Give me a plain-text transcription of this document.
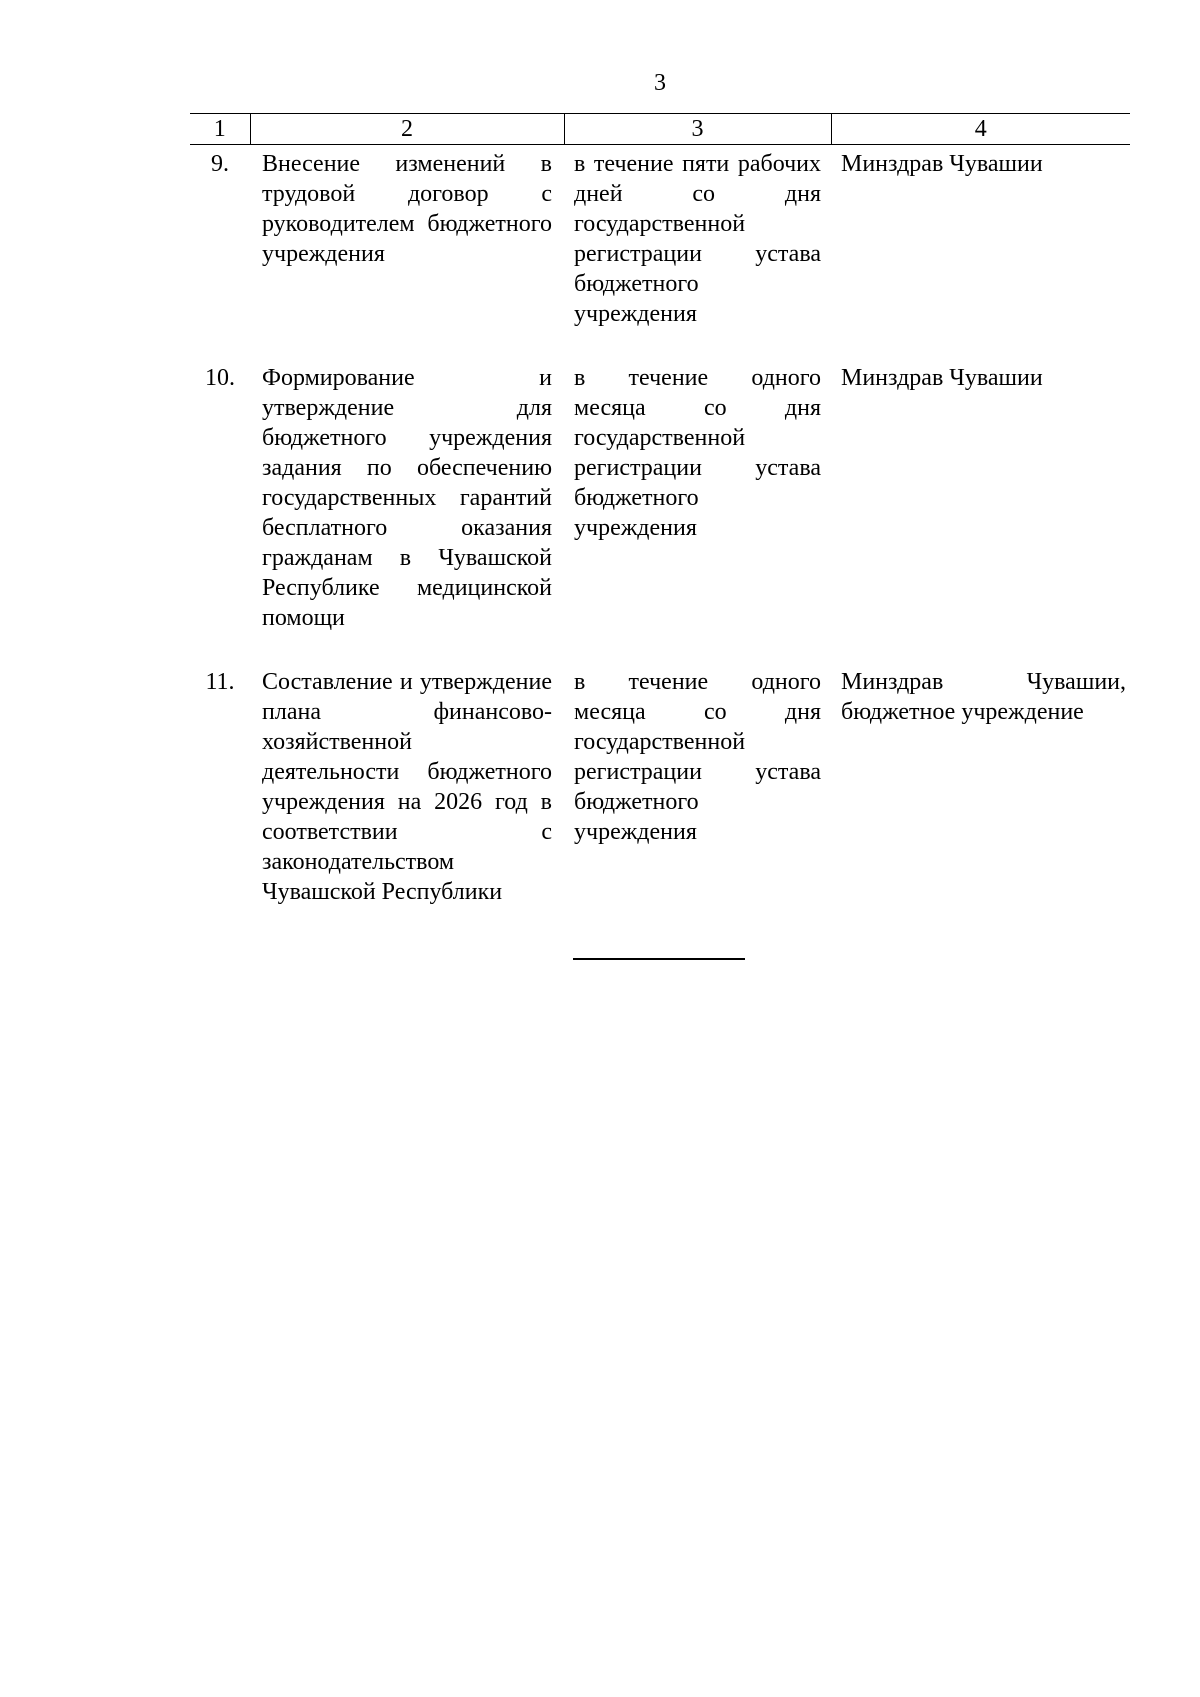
3
1	2	3	4
9.	Внесение изменений в трудовой договор с руководителем бюджетного учреждения	в течение пяти рабочих дней со дня государственной регистрации устава бюджетного учреждения	Минздрав Чувашии
10.	Формирование и утверждение для бюджетного учреждения задания по обеспечению государственных гарантий бесплатного оказания гражданам в Чувашской Республике медицинской помощи	в течение одного месяца со дня государственной регистрации устава бюджетного учреждения	Минздрав Чувашии
11.	Составление и утверждение плана финансово-хозяйственной деятельности бюджетного учреждения на 2026 год в соответствии с законодательством Чувашской Республики	в течение одного месяца со дня государственной регистрации устава бюджетного учреждения	Минздрав Чувашии, бюджетное учреждение
